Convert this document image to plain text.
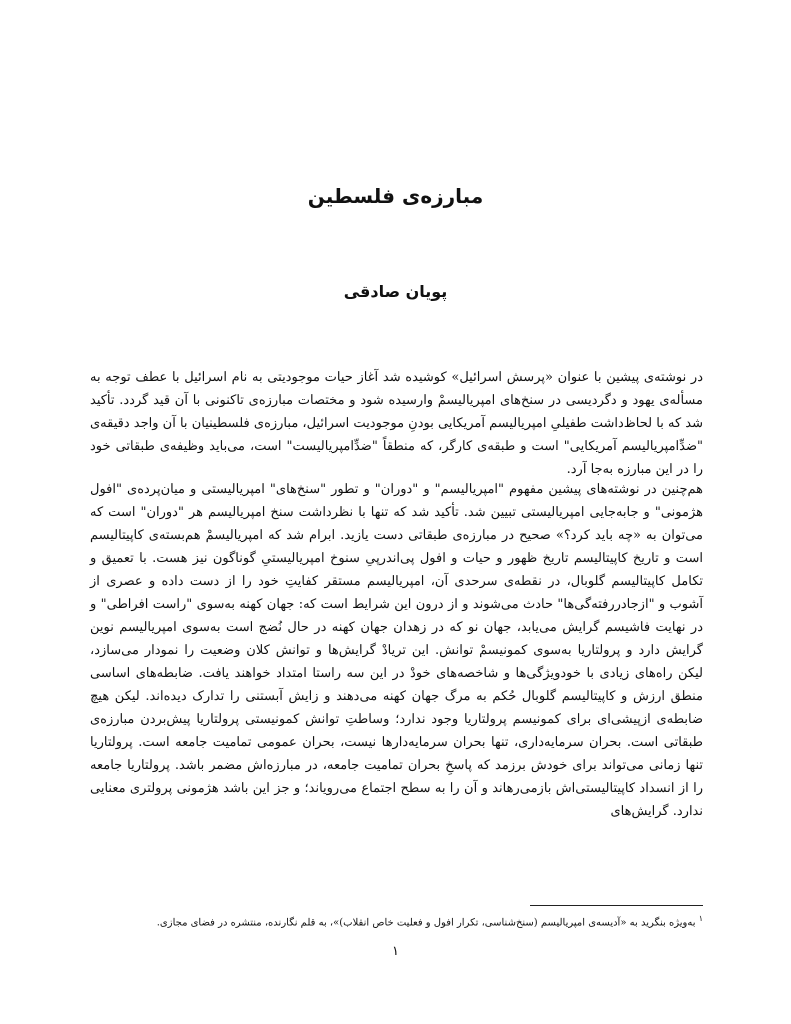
مبارزه‌ی فلسطین
پویان صادقی

در نوشته‌ی پیشین با عنوان «پرسش اسرائیل» کوشیده شد آغاز حیات موجودیتی به نام اسرائیل با عطف توجه به مسأله‌ی یهود و دگردیسی در سنخ‌های امپریالیسمْ وارسیده شود و مختصات مبارزه‌ی تاکنونی با آن قید گردد. تأکید شد که با لحاظ‌داشت طفیلیِ امپریالیسم آمریکایی بودنِ موجودیت اسرائیل، مبارزه‌ی فلسطینیان با آن واجد دقیقه‌ی "ضدِّامپریالیسم آمریکایی" است و طبقه‌ی کارگر، که منطقاً "ضدِّامپریالیست" است، می‌باید وظیفه‌ی طبقاتی خود را در این مبارزه به‌جا آرد.

هم‌چنین در نوشته‌های پیشین مفهوم "امپریالیسم" و "دوران" و تطور "سنخ‌های" امپریالیستی و میان‌پرده‌ی "افول هژمونی" و جابه‌جایی امپریالیستی تبیین شد. تأکید شد که تنها با نظرداشت سنخ امپریالیسم هر "دوران" است که می‌توان به «چه باید کرد؟» صحیح در مبارزه‌ی طبقاتی دست یازید. ابرام شد که امپریالیسمْ هم‌بسته‌ی کاپیتالیسم است و تاریخ کاپیتالیسم تاریخ ظهور و حیات و افول پی‌اندرپیِ سنوخ امپریالیستیِ گوناگون نیز هست. با تعمیق و تکامل کاپیتالیسم گلوبال، در نقطه‌ی سرحدی آن، امپریالیسم مستقر کفایتِ خود را از دست داده و عصری از آشوب و "ازجادررفته‌گی‌ها" حادث می‌شوند و از درون این شرایط است که: جهان کهنه به‌سوی "راست افراطی" و در نهایت فاشیسم گرایش می‌یابد، جهان نو که در زهدان جهان کهنه در حال نُضج است به‌سوی امپریالیسم نوین گرایش دارد و پرولتاریا به‌سوی کمونیسمْ توانش. این تریادْ گرایش‌ها و توانش کلان وضعیت را نمودار می‌سازد، لیکن راه‌های زیادی با خودویژگی‌ها و شاخصه‌های خودْ در این سه راستا امتداد خواهند یافت. ضابطه‌های اساسی منطق ارزش و کاپیتالیسم گلوبال حُکم به مرگ جهان کهنه می‌دهند و زایش آبستنی را تدارک دیده‌اند. لیکن هیچ ضابطه‌ی ازپیشی‌ای برای کمونیسم پرولتاریا وجود ندارد؛ وساطتِ توانش کمونیستی پرولتاریا پیش‌بردن مبارزه‌ی طبقاتی است. بحران سرمایه‌داری، تنها بحران سرمایه‌دارها نیست، بحران عمومی تمامیت جامعه است. پرولتاریا تنها زمانی می‌تواند برای خودش برزمد که پاسخِ بحران تمامیت جامعه، در مبارزه‌اش مضمر باشد. پرولتاریا جامعه را از انسداد کاپیتالیستی‌اش بازمی‌رهاند و آن را به سطح اجتماع می‌رویاند؛ و جز این باشد هژمونی پرولتری معنایی ندارد. گرایش‌های

$^١$ به‌ویژه بنگرید به «آدیسه‌ی امپریالیسم (سنخ‌شناسی، تکرار افول و فعلیت خاص انقلاب)»، به قلم نگارنده، منتشره در فضای مجازی.
١
